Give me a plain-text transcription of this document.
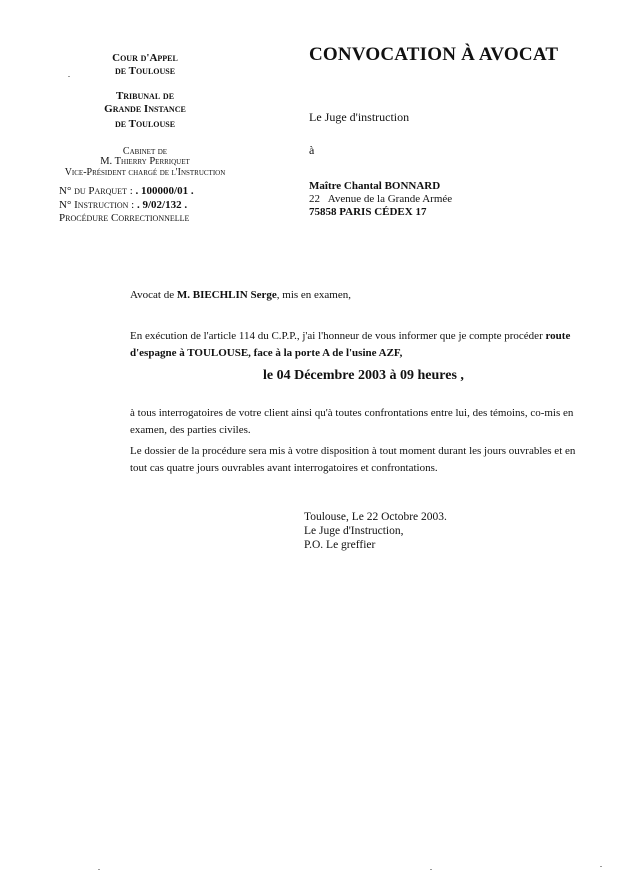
Cour d'Appel
de Toulouse
Tribunal de
Grande Instance
de Toulouse
Cabinet de
M. Thierry Perriquet
Vice-Président chargé de l'Instruction
N° du Parquet : . 100000/01 .
N° Instruction : . 9/02/132 .
Procédure Correctionnelle
CONVOCATION À AVOCAT
Le Juge d'instruction
à
Maître Chantal BONNARD
22 Avenue de la Grande Armée
75858 PARIS CÉDEX 17
Avocat de M. BIECHLIN Serge, mis en examen,
En exécution de l'article 114 du C.P.P., j'ai l'honneur de vous informer que je compte procéder route
d'espagne à TOULOUSE, face à la porte A de l'usine AZF,
le 04 Décembre 2003 à 09 heures ,
à tous interrogatoires de votre client ainsi qu'à toutes confrontations entre lui, des témoins, co-mis en examen, des parties civiles.
Le dossier de la procédure sera mis à votre disposition à tout moment durant les jours ouvrables et en tout cas quatre jours ouvrables avant interrogatoires et confrontations.
Toulouse, Le 22 Octobre 2003.
Le Juge d'Instruction,
P.O. Le greffier
